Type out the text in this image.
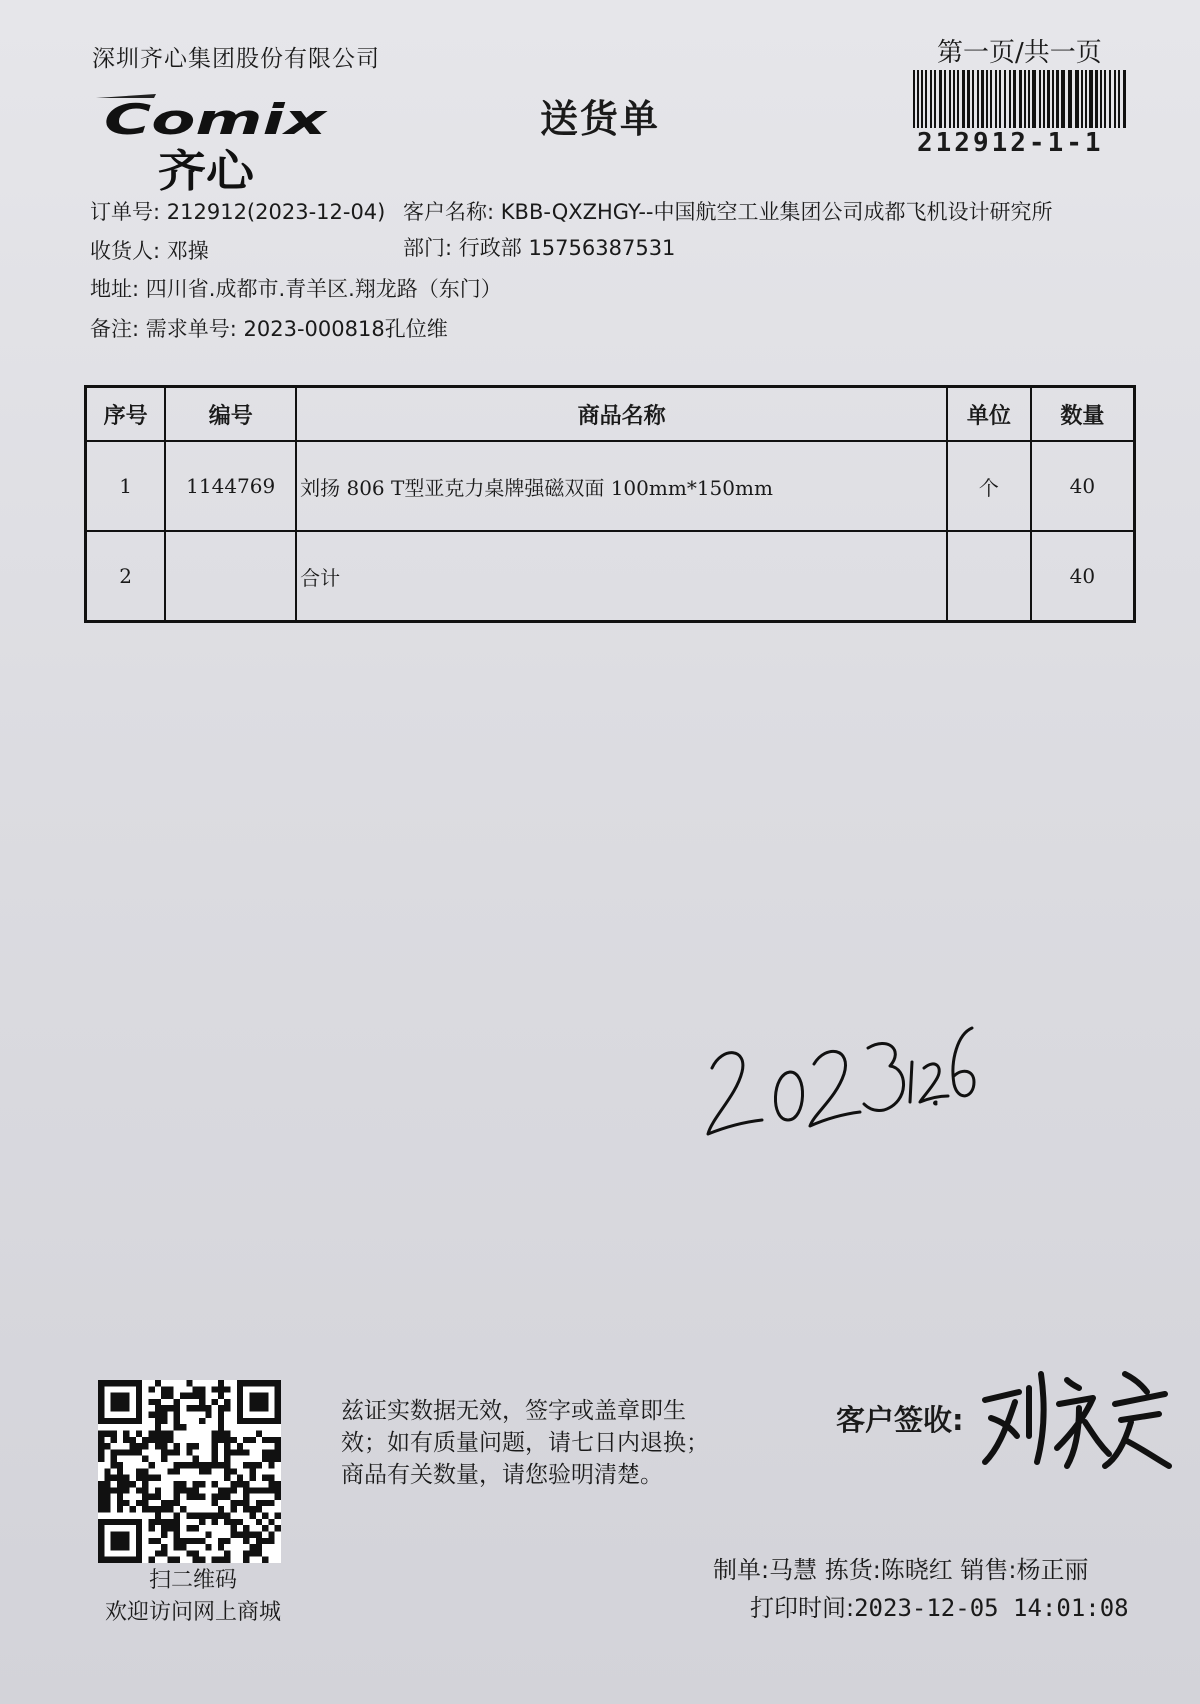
深圳齐心集团股份有限公司	第一页/共一页
Comix
齐心
送货单
212912-1-1
订单号: 212912(2023-12-04) 客户名称: KBB-QXZHGY--中国航空工业集团公司成都飞机设计研究所
收货人: 邓操	部门: 行政部 15756387531
地址: 四川省.成都市.青羊区.翔龙路（东门）
备注: 需求单号: 2023-000818孔位维
序号	编号	商品名称	单位	数量
1	1144769	刘扬 806 T型亚克力桌牌强磁双面 100mm*150mm	个	40
2		合计		40
扫二维码
欢迎访问网上商城
兹证实数据无效，签字或盖章即生
效；如有质量问题，请七日内退换；
商品有关数量，请您验明清楚。
客户签收:
制单:马慧 拣货:陈晓红 销售:杨正丽
打印时间:2023-12-05 14:01:08
